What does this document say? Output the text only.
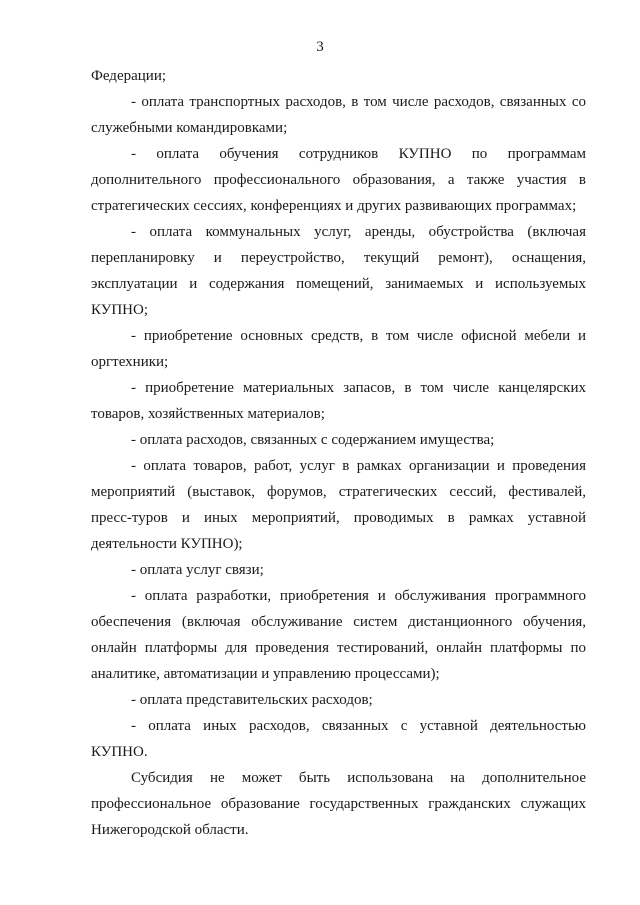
3

Федерации;

- оплата транспортных расходов, в том числе расходов, связанных со служебными командировками;

- оплата обучения сотрудников КУПНО по программам дополнительного профессионального образования, а также участия в стратегических сессиях, конференциях и других развивающих программах;

- оплата коммунальных услуг, аренды, обустройства (включая перепланировку и переустройство, текущий ремонт), оснащения, эксплуатации и содержания помещений, занимаемых и используемых КУПНО;

- приобретение основных средств, в том числе офисной мебели и оргтехники;

- приобретение материальных запасов, в том числе канцелярских товаров, хозяйственных материалов;

- оплата расходов, связанных с содержанием имущества;

- оплата товаров, работ, услуг в рамках организации и проведения мероприятий (выставок, форумов, стратегических сессий, фестивалей, пресс-туров и иных мероприятий, проводимых в рамках уставной деятельности КУПНО);

- оплата услуг связи;

- оплата разработки, приобретения и обслуживания программного обеспечения (включая обслуживание систем дистанционного обучения, онлайн платформы для проведения тестирований, онлайн платформы по аналитике, автоматизации и управлению процессами);

- оплата представительских расходов;

- оплата иных расходов, связанных с уставной деятельностью КУПНО.

Субсидия не может быть использована на дополнительное профессиональное образование государственных гражданских служащих Нижегородской области.
